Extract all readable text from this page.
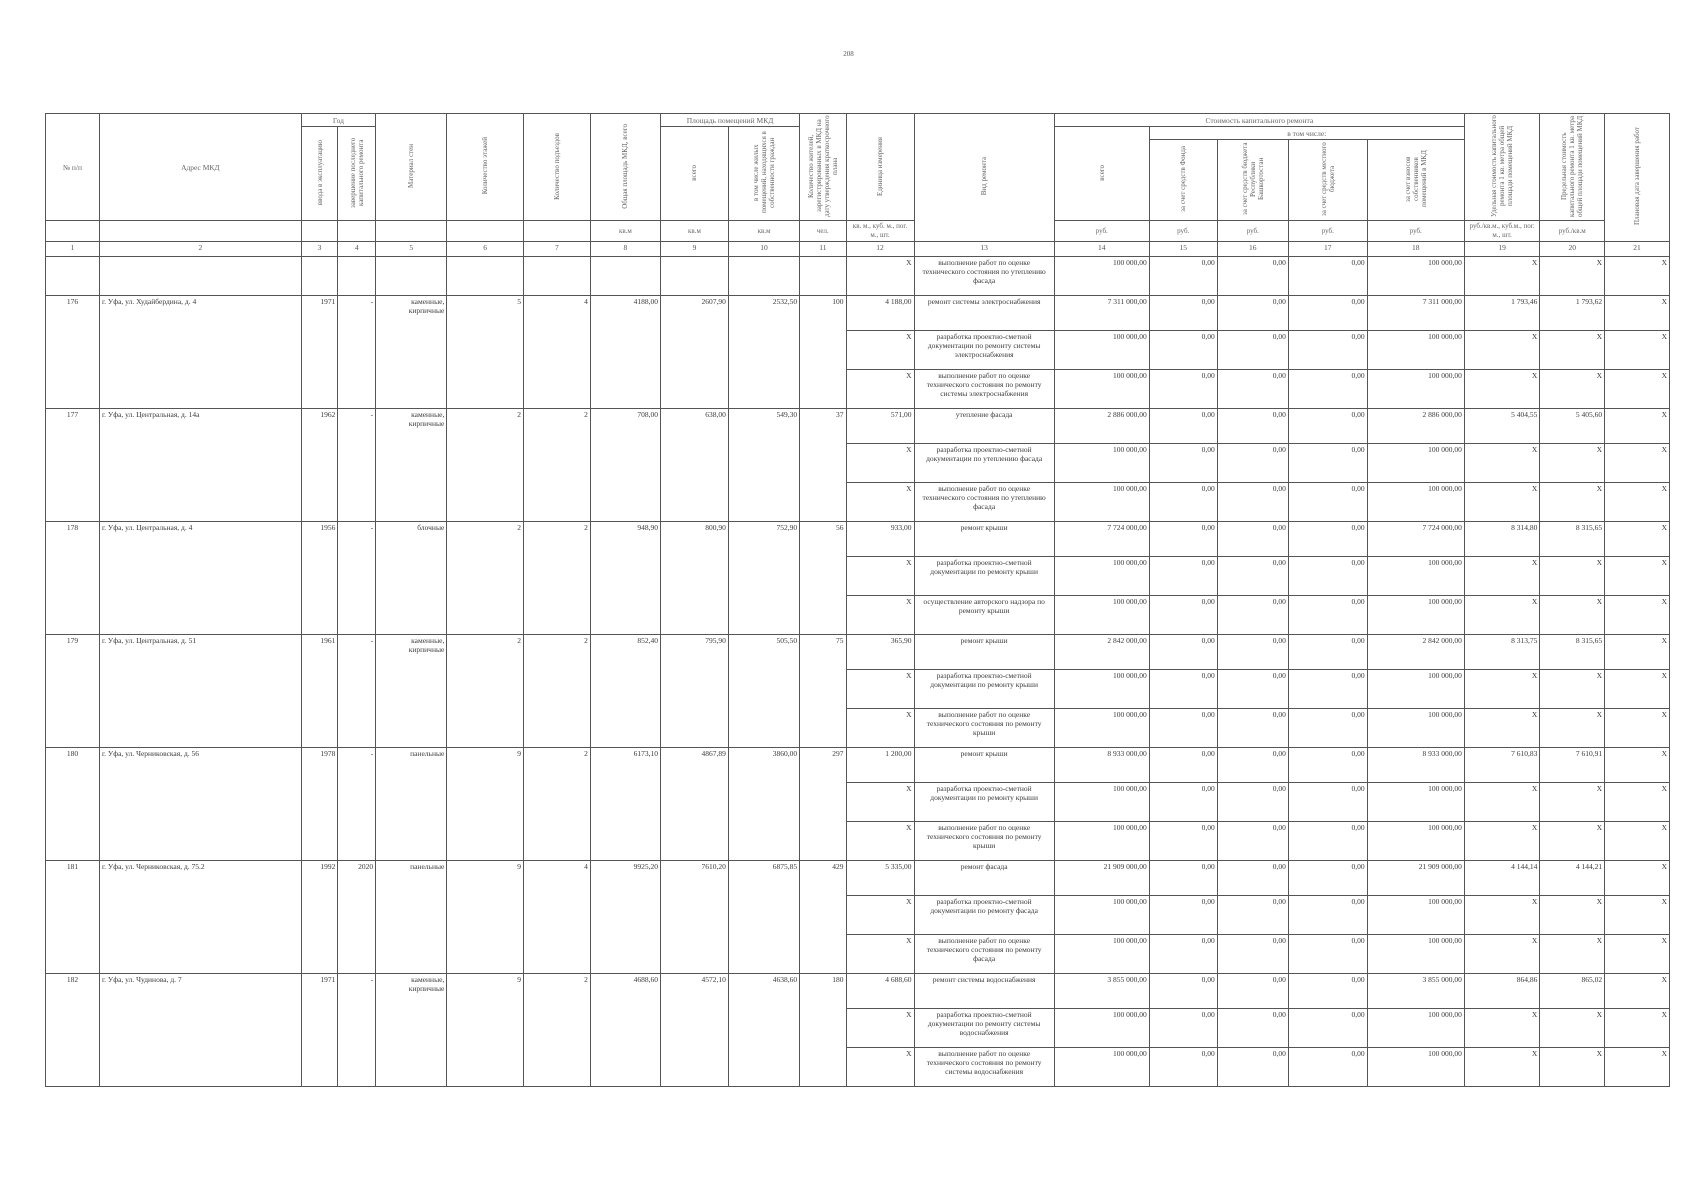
208
№ п/п	Адрес МКД	Год		Материал стен	Количество этажей	Количество подъездов	Общая площадь МКД, всего	Площадь помещений МКД		Количество жителей, зарегистрированных в МКД на дату утверждения краткосрочного плана	Единица измерения	Вид ремонта	Стоимость капитального ремонта					Удельная стоимость капитального ремонта 1 кв. метра общей площади помещений МКД	Предельная стоимость капитального ремонта 1 кв. метра общей площади помещений МКД	Плановая дата завершения работ
		ввода в эксплуатацию	завершение последнего капитального ремонта					всего	в том числе жилых помещений, находящихся в собственности граждан				всего	в том числе:						
														за счет средств Фонда	за счет средств бюджета Республики Башкортостан	за счет средств местного бюджета	за счет взносов собственников помещений в МКД			
							кв.м	кв.м	кв.м	чел.	кв. м., куб. м., пог. м., шт.		руб.	руб.	руб.	руб.	руб.	руб./кв.м., куб.м., пог. м., шт.	руб./кв.м	
1	2	3	4	5	6	7	8	9	10	11	12	13	14	15	16	17	18	19	20	21
											X	выполнение работ по оценке технического состояния по утеплению фасада	100 000,00	0,00	0,00	0,00	100 000,00	X	X	X
176	г. Уфа, ул. Худайбердина, д. 4	1971	-	каменные, кирпичные	5	4	4188,00	2607,90	2532,50	100	4 188,00	ремонт системы электроснабжения	7 311 000,00	0,00	0,00	0,00	7 311 000,00	1 793,46	1 793,62	X
											X	разработка проектно-сметной документации по ремонту системы электроснабжения	100 000,00	0,00	0,00	0,00	100 000,00	X	X	X
											X	выполнение работ по оценке технического состояния по ремонту системы электроснабжения	100 000,00	0,00	0,00	0,00	100 000,00	X	X	X
177	г. Уфа, ул. Центральная, д. 14а	1962	-	каменные, кирпичные	2	2	708,00	638,00	549,30	37	571,00	утепление фасада	2 886 000,00	0,00	0,00	0,00	2 886 000,00	5 404,55	5 405,60	X
											X	разработка проектно-сметной документации по утеплению фасада	100 000,00	0,00	0,00	0,00	100 000,00	X	X	X
											X	выполнение работ по оценке технического состояния по утеплению фасада	100 000,00	0,00	0,00	0,00	100 000,00	X	X	X
178	г. Уфа, ул. Центральная, д. 4	1956	-	блочные	2	2	948,90	800,90	752,90	56	933,00	ремонт крыши	7 724 000,00	0,00	0,00	0,00	7 724 000,00	8 314,80	8 315,65	X
											X	разработка проектно-сметной документации по ремонту крыши	100 000,00	0,00	0,00	0,00	100 000,00	X	X	X
											X	осуществление авторского надзора по ремонту крыши	100 000,00	0,00	0,00	0,00	100 000,00	X	X	X
179	г. Уфа, ул. Центральная, д. 51	1961	-	каменные, кирпичные	2	2	852,40	795,90	505,50	75	365,90	ремонт крыши	2 842 000,00	0,00	0,00	0,00	2 842 000,00	8 313,75	8 315,65	X
											X	разработка проектно-сметной документации по ремонту крыши	100 000,00	0,00	0,00	0,00	100 000,00	X	X	X
											X	выполнение работ по оценке технического состояния по ремонту крыши	100 000,00	0,00	0,00	0,00	100 000,00	X	X	X
180	г. Уфа, ул. Черниковская, д. 56	1978	-	панельные	9	2	6173,10	4867,89	3860,00	297	1 200,00	ремонт крыши	8 933 000,00	0,00	0,00	0,00	8 933 000,00	7 610,83	7 610,91	X
											X	разработка проектно-сметной документации по ремонту крыши	100 000,00	0,00	0,00	0,00	100 000,00	X	X	X
											X	выполнение работ по оценке технического состояния по ремонту крыши	100 000,00	0,00	0,00	0,00	100 000,00	X	X	X
181	г. Уфа, ул. Черниковская, д. 75.2	1992	2020	панельные	9	4	9925,20	7610,20	6875,85	429	5 335,00	ремонт фасада	21 909 000,00	0,00	0,00	0,00	21 909 000,00	4 144,14	4 144,21	X
											X	разработка проектно-сметной документации по ремонту фасада	100 000,00	0,00	0,00	0,00	100 000,00	X	X	X
											X	выполнение работ по оценке технического состояния по ремонту фасада	100 000,00	0,00	0,00	0,00	100 000,00	X	X	X
182	г. Уфа, ул. Чудинова, д. 7	1971	-	каменные, кирпичные	9	2	4688,60	4572,10	4638,60	180	4 688,60	ремонт системы водоснабжения	3 855 000,00	0,00	0,00	0,00	3 855 000,00	864,86	865,02	X
											X	разработка проектно-сметной документации по ремонту системы водоснабжения	100 000,00	0,00	0,00	0,00	100 000,00	X	X	X
											X	выполнение работ по оценке технического состояния по ремонту системы водоснабжения	100 000,00	0,00	0,00	0,00	100 000,00	X	X	X
